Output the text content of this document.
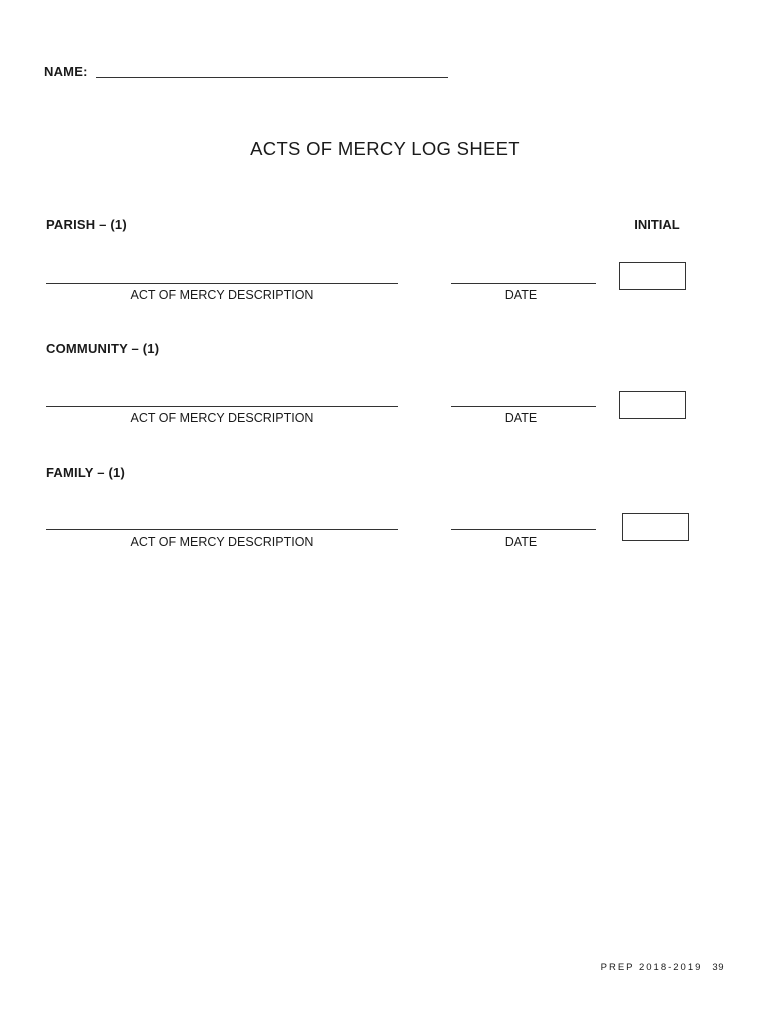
NAME:
ACTS OF MERCY LOG SHEET
INITIAL
PARISH – (1)
ACT OF MERCY DESCRIPTION	DATE
COMMUNITY – (1)
ACT OF MERCY DESCRIPTION	DATE
FAMILY – (1)
ACT OF MERCY DESCRIPTION	DATE
PREP 2018-2019 39
